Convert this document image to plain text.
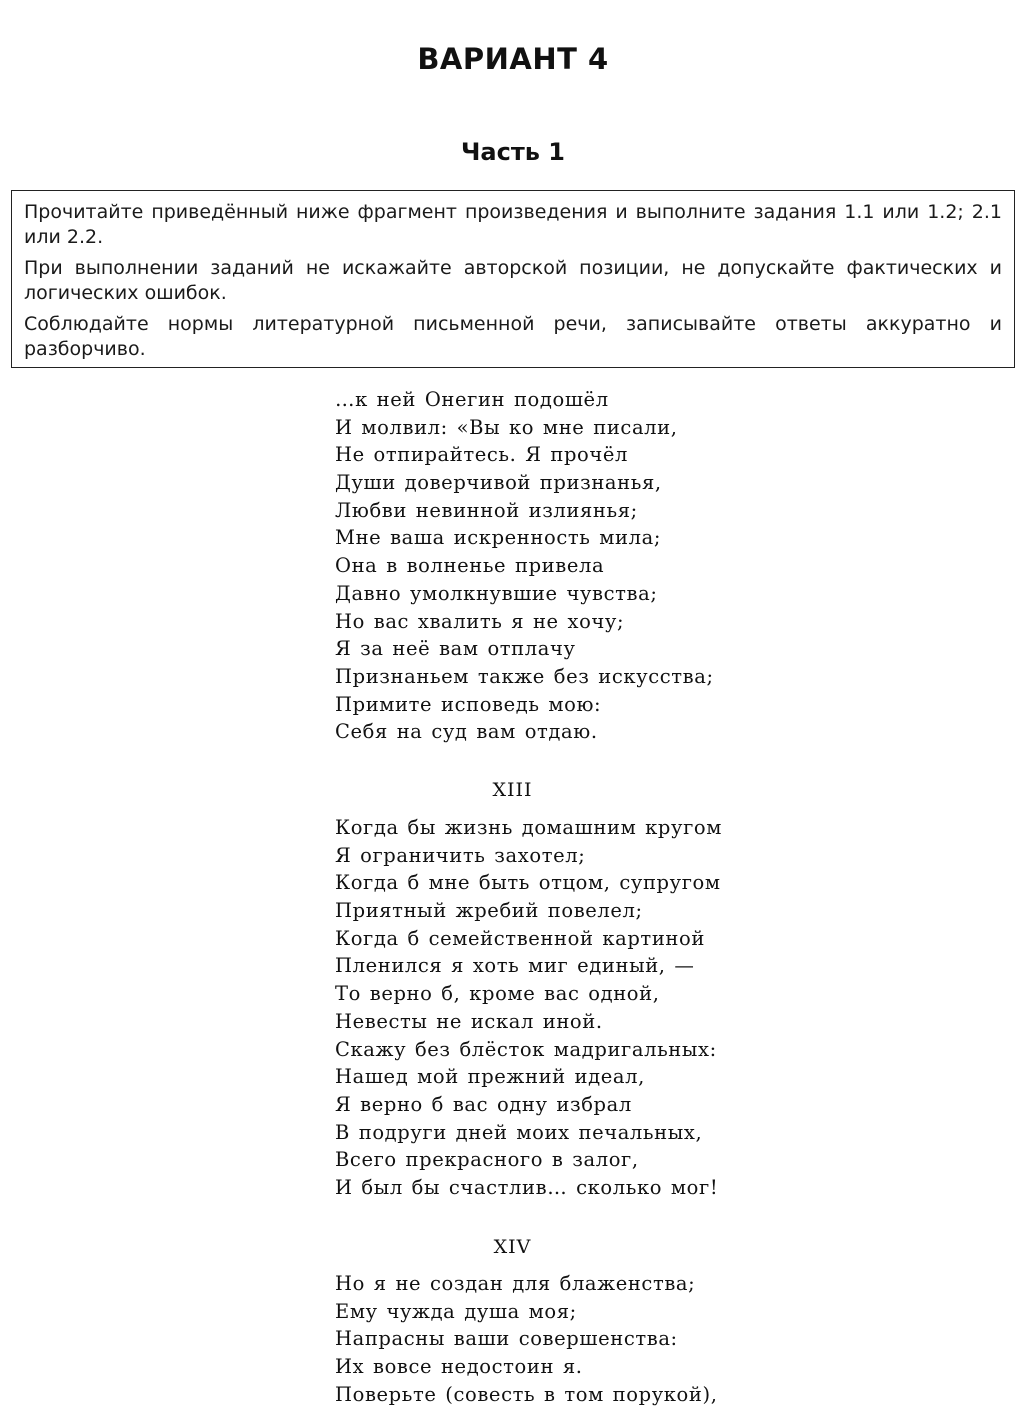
ВАРИАНТ 4
Часть 1

Прочитайте приведённый ниже фрагмент произведения и выполните задания 1.1 или 1.2; 2.1 или 2.2.

При выполнении заданий не искажайте авторской позиции, не допускайте фактических и логических ошибок.

Соблюдайте нормы литературной письменной речи, записывайте ответы аккуратно и разборчиво.

…к ней Онегин подошёл
И молвил: «Вы ко мне писали,
Не отпирайтесь. Я прочёл
Души доверчивой признанья,
Любви невинной излиянья;
Мне ваша искренность мила;
Она в волненье привела
Давно умолкнувшие чувства;
Но вас хвалить я не хочу;
Я за неё вам отплачу
Признаньем также без искусства;
Примите исповедь мою:
Себя на суд вам отдаю.
XIII
Когда бы жизнь домашним кругом
Я ограничить захотел;
Когда б мне быть отцом, супругом
Приятный жребий повелел;
Когда б семейственной картиной
Пленился я хоть миг единый, —
То верно б, кроме вас одной,
Невесты не искал иной.
Скажу без блёсток мадригальных:
Нашед мой прежний идеал,
Я верно б вас одну избрал
В подруги дней моих печальных,
Всего прекрасного в залог,
И был бы счастлив… сколько мог!
XIV
Но я не создан для блаженства;
Ему чужда душа моя;
Напрасны ваши совершенства:
Их вовсе недостоин я.
Поверьте (совесть в том порукой),
